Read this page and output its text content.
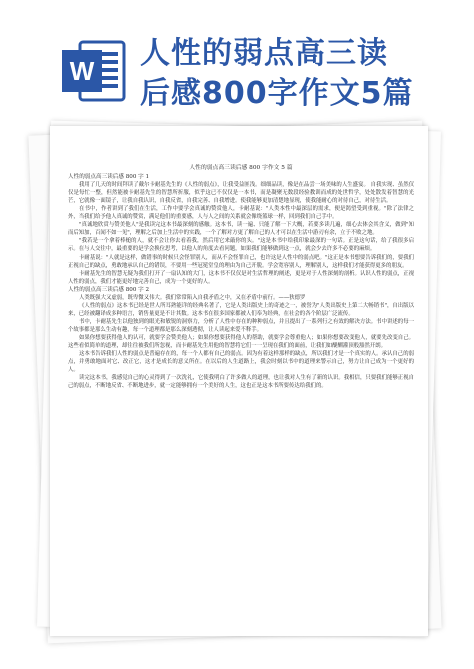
W 人性的弱点高三读
后感800字作文5篇
人性的弱点高三读后感 800 字作文 5 篇
人性的弱点高三读后感 800 字 1

我用了几天的时间拜读了戴尔卡耐基先生的《人性的弱点》，让我受益匪浅。细细品读，像是在品尝一场美味的人生盛宴。 自我实现、虽然仅仅是每忙一整，但然能被卡耐基先生的智慧所折服，似乎这已不仅仅是一本书，而是凝聚无数段经验教训而成的处世哲学，处处散发着智慧的光芒，它就像一面镜子，让我自我认识，自我反省，自我完善、自我增进。使我能够更加清楚地显现，使我能耐心的对待自己，对待生活。

在书中，作者讲到了我们在生活，工作中要学会真诚的赞赏他人，卡耐基说："人类本性中最深层的需求，便是渴望受到重视。"除了法律之外，当我们给予他人真诚的赞赏，满足他们的重要感，人与人之间的关系就会像绕篮球一样，回到我们自己手中。

"真诚地欣赏与赞美他人"是我读完这本书最深刻的感触。这本书，读一遍、只能了解一下大概，若要多读几遍，细心去体会其含义，做到"知而后知加，百闻不如一见"，理解之后加上生活中的实践，一个了解对方更了解自己的人才可以在生活中游刃有余，立于不败之地。

"我若是一个拿着棒槌的人，就不会让你去看着我，然后用它来敲你的头。"这是本书中给我印象最深的一句话。正是这句话，给了我很多启示。在与人交往中，最重要的是学会换位思考，以他人的角度去看问题，如果我们能够做到这一点，就会少去许多不必要的麻烦。

卡耐基说："人就是这样，做错事的时候只会怪罪别人，而从不会怪罪自己，也许这是人性中的弱点吧。"这正是本书想要告诉我们的，要我们正视自己的缺点，勇敢地承认自己的错误，不要用一些冠冕堂皇的理由为自己开脱。学会宽容别人，理解别人，这样我们才能获得更多的朋友。

卡耐基先生的智慧无疑为我们打开了一扇认知的大门，这本书不仅仅是对生活哲理的阐述，更是对于人性深刻的剖析。认识人性的弱点，正视人性的弱点，我们才能更好地完善自己，成为一个更好的人。

人性的弱点高三读后感 800 字 2

人类既强大又虚弱，既卑微又伟大。我们常常陷入自我矛盾之中，又在矛盾中前行。——狄德罗

《人性的弱点》这本书已经是世人所耳熟能详的经典名著了，它是人类出版史上的奇迹之一，被誉为"人类出版史上第二大畅销书"，自出版以来，已经被翻译成多种语言，销售量更是不计其数。这本书在很多国家都被人们奉为经典，在社会的各个阶层广泛流传。

书中，卡耐基先生以他独到的眼光和敏锐的洞察力，分析了人性中存在的种种弱点，并且提出了一系列行之有效的解决方法。书中讲述的每一个故事都是那么生动有趣，每一个道理都是那么深刻透彻，让人读起来爱不释手。

如果你想要获得他人的认可，就要学会赞美他人；如果你想要获得他人的帮助，就要学会尊重他人；如果你想要改变他人，就要先改变自己。这些看似简单的道理，却往往被我们所忽视，而卡耐基先生用他的智慧将它们一一呈现在我们的面前，让我们如醍醐灌顶般豁然开朗。

这本书告诉我们人性的弱点是普遍存在的，每一个人都有自己的弱点。因为有着这样那样的缺点，所以我们才是一个真实的人。承认自己的弱点，并勇敢地面对它、改正它，这才是成长的意义所在。在以后的人生道路上，我会时刻以书中的道理来警示自己，努力让自己成为一个更好的人。

读完这本书，我感觉自己的心灵得到了一次洗礼，它使我明白了许多做人的道理，也让我对人生有了新的认识。我相信，只要我们能够正视自己的弱点，不断地反省、不断地进步，就一定能够拥有一个美好的人生，这也正是这本书所要传达给我们的。
